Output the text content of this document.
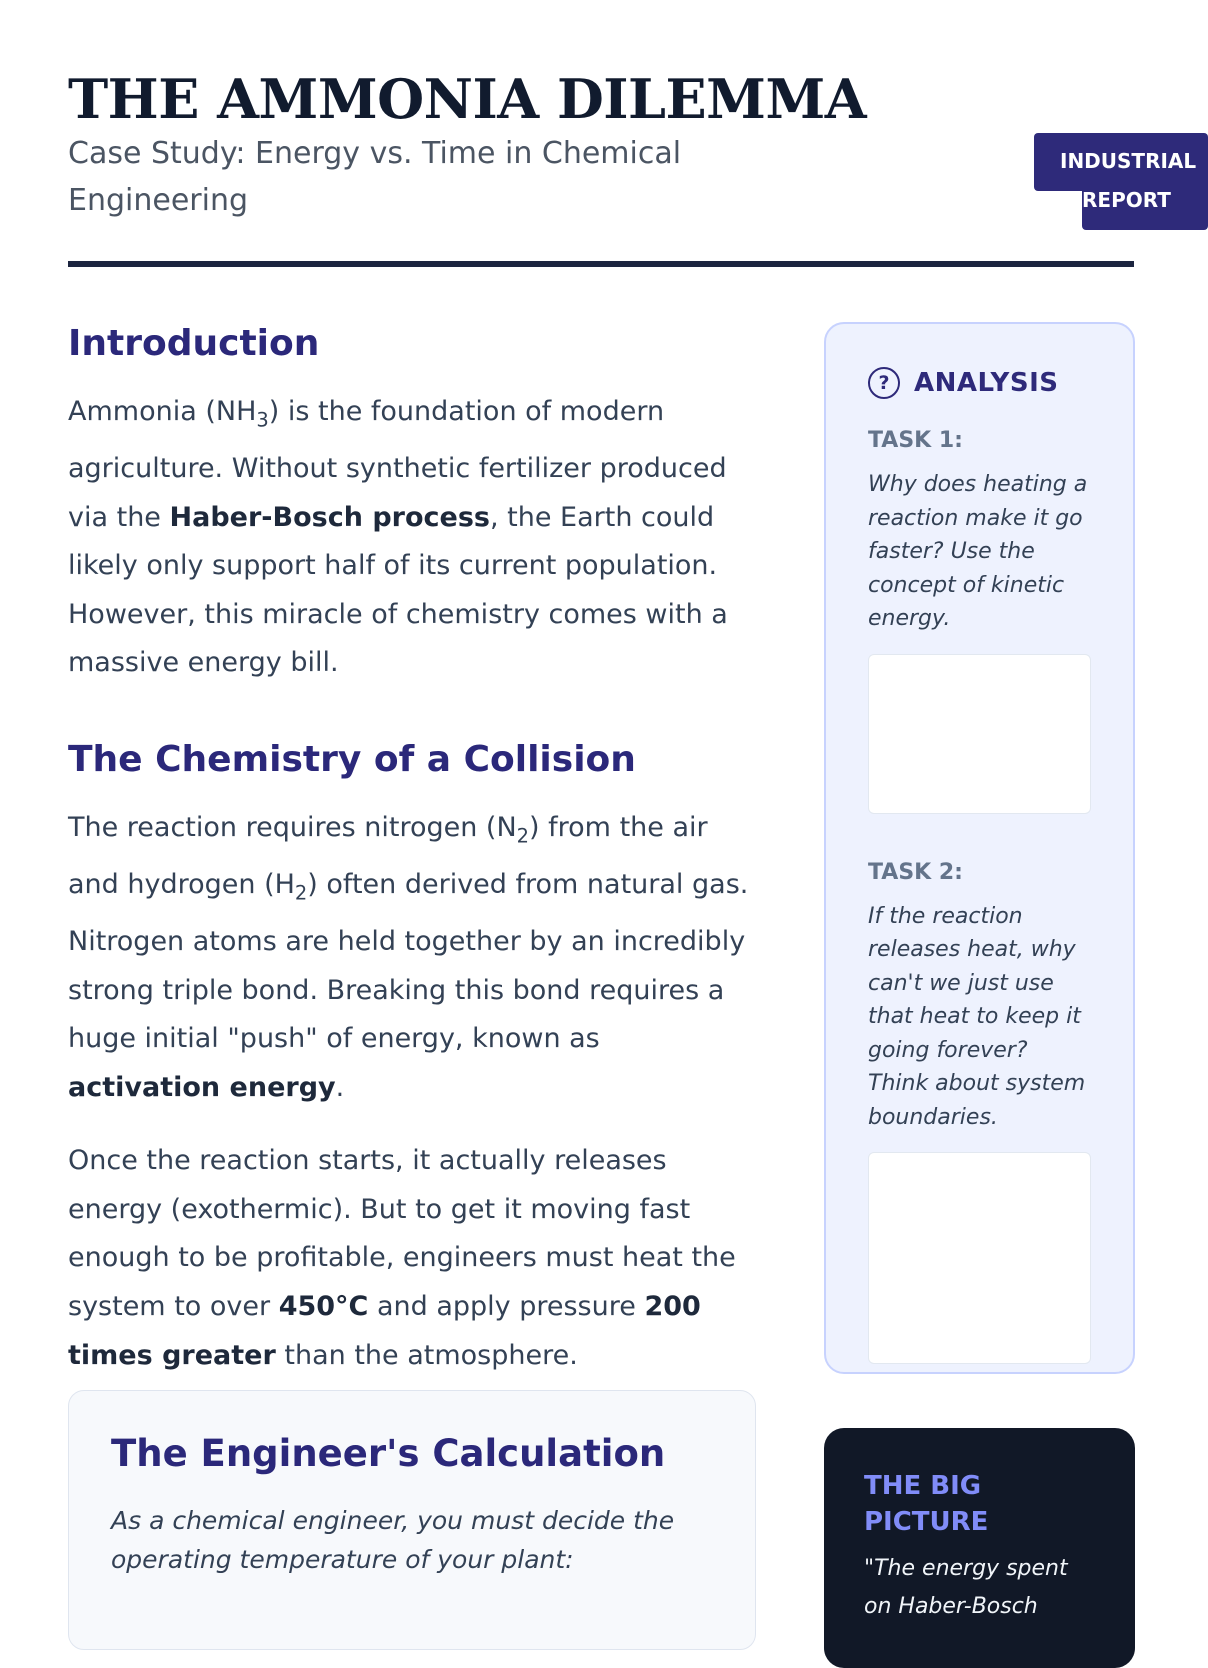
THE AMMONIA DILEMMA
Case Study: Energy vs. Time in Chemical Engineering
INDUSTRIAL
REPORT
Introduction

Ammonia $(NH_3)$ is the foundation of modern agriculture. Without synthetic fertilizer produced via the Haber-Bosch process, the Earth could likely only support half of its current population. However, this miracle of chemistry comes with a massive energy bill.

The Chemistry of a Collision

The reaction requires nitrogen $(N_2)$ from the air and hydrogen $(H_2)$ often derived from natural gas. Nitrogen atoms are held together by an incredibly strong triple bond. Breaking this bond requires a huge initial "push" of energy, known as activation energy.

Once the reaction starts, it actually releases energy (exothermic). But to get it moving fast enough to be profitable, engineers must heat the system to over 450°C and apply pressure 200 times greater than the atmosphere.

The Engineer's Calculation

As a chemical engineer, you must decide the operating temperature of your plant:

? ANALYSIS
TASK 1:
Why does heating a reaction make it go faster? Use the concept of kinetic energy.
TASK 2:
If the reaction releases heat, why can't we just use that heat to keep it going forever? Think about system boundaries.
THE BIG PICTURE
"The energy spent on Haber-Bosch
